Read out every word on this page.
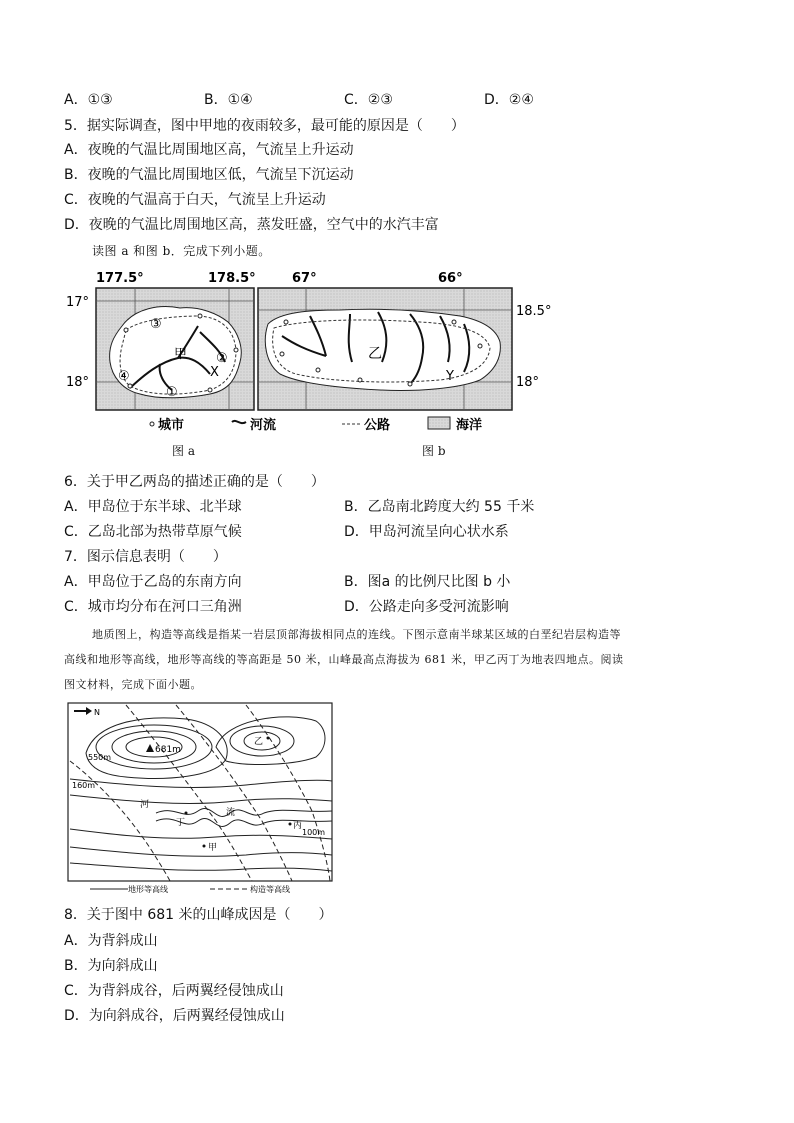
A．①③	B．①④	C．②③	D．②④
5．据实际调查，图中甲地的夜雨较多，最可能的原因是（　　）
A．夜晚的气温比周围地区高，气流呈上升运动
B．夜晚的气温比周围地区低，气流呈下沉运动
C．夜晚的气温高于白天，气流呈上升运动
D．夜晚的气温比周围地区高，蒸发旺盛，空气中的水汽丰富
读图 a 和图 b．完成下列小题。
甲
X
③
②
④
①
177.5°	178.5°
17°
18°
乙
Y
67°	66°
18.5°
18°
城市	河流	公路	海洋
图 a	图 b
6．关于甲乙两岛的描述正确的是（　　）
A．甲岛位于东半球、北半球	B．乙岛南北跨度大约 55 千米
C．乙岛北部为热带草原气候	D．甲岛河流呈向心状水系
7．图示信息表明（　　）
A．甲岛位于乙岛的东南方向	B．图a 的比例尺比图 b 小
C．城市均分布在河口三角洲	D．公路走向多受河流影响
地质图上，构造等高线是指某一岩层顶部海拔相同点的连线。下图示意南半球某区域的白垩纪岩层构造等
高线和地形等高线，地形等高线的等高距是 50 米，山峰最高点海拔为 681 米，甲乙丙丁为地表四地点。阅读
图文材料，完成下面小题。
N
681m
550m
160m
100m
河
流
乙
丁	丙
甲
地形等高线	构造等高线
8．关于图中 681 米的山峰成因是（　　）
A．为背斜成山
B．为向斜成山
C．为背斜成谷，后两翼经侵蚀成山
D．为向斜成谷，后两翼经侵蚀成山
